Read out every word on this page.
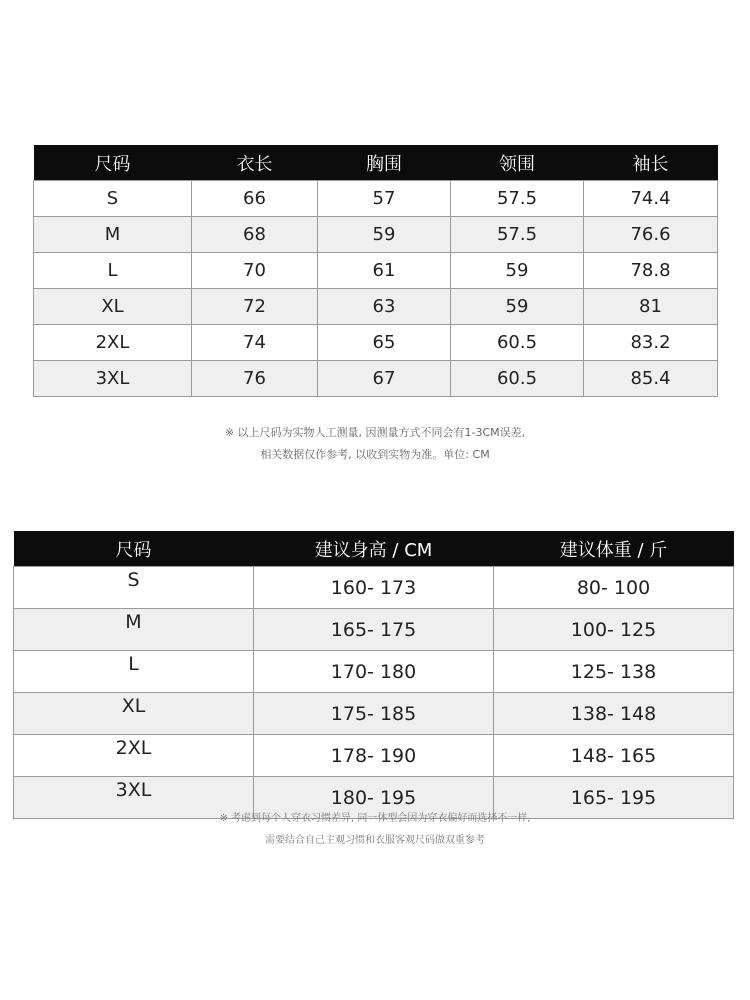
尺码	衣长	胸围	领围	袖长
S	66	57	57.5	74.4
M	68	59	57.5	76.6
L	70	61	59	78.8
XL	72	63	59	81
2XL	74	65	60.5	83.2
3XL	76	67	60.5	85.4
※ 以上尺码为实物人工测量, 因测量方式不同会有1-3CM误差,
相关数据仅作参考, 以收到实物为准。单位: CM
尺码	建议身高 / CM	建议体重 / 斤
S	160- 173	80- 100
M	165- 175	100- 125
L	170- 180	125- 138
XL	175- 185	138- 148
2XL	178- 190	148- 165
3XL	180- 195	165- 195
※ 考虑到每个人穿衣习惯差异, 同一体型会因为穿衣偏好而选择不一样,
需要结合自己主观习惯和衣服客观尺码做双重参考
